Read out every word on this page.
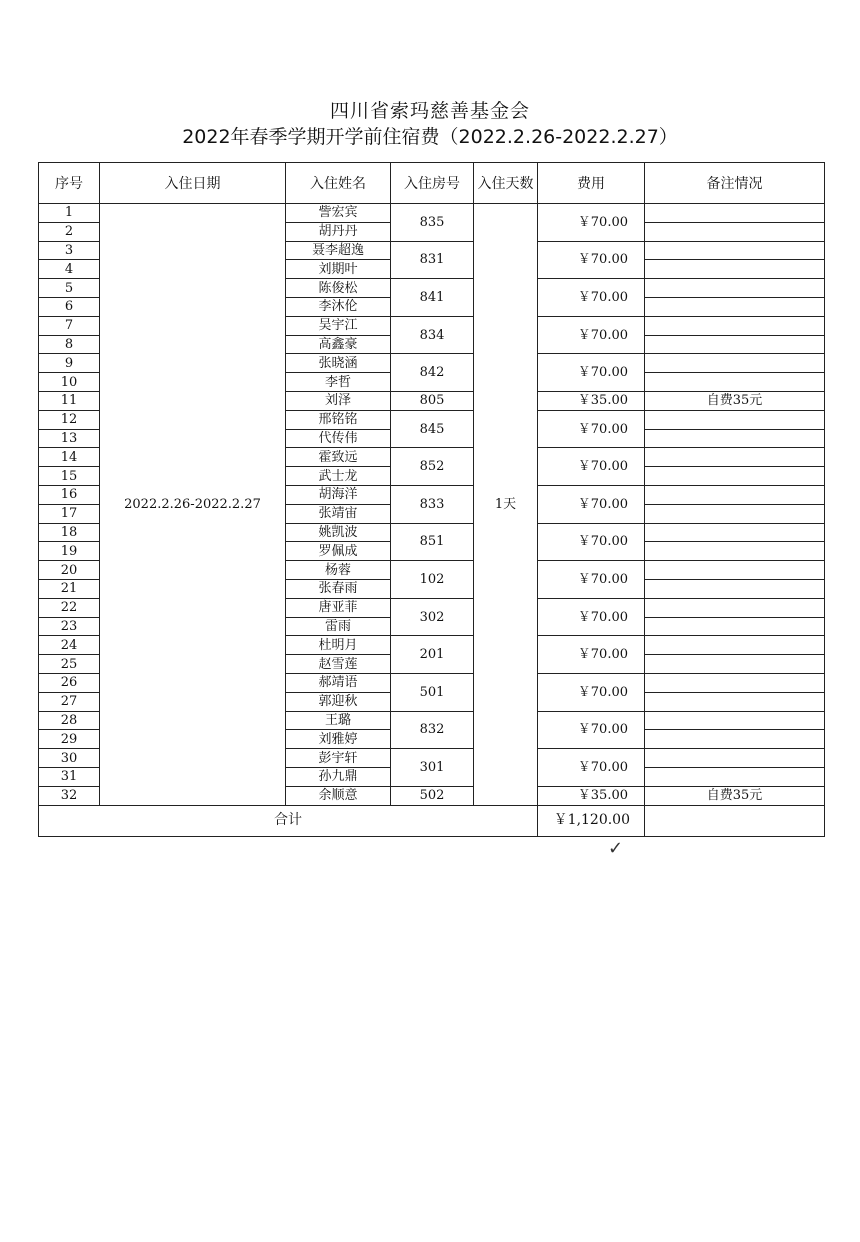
四川省索玛慈善基金会
2022年春季学期开学前住宿费（2022.2.26-2022.2.27）
序号	入住日期	入住姓名	入住房号	入住天数	费用	备注情况
1	2022.2.26-2022.2.27	訾宏宾	835	1天	￥70.00	
2		胡丹丹				
3		聂李超逸	831		￥70.00	
4		刘期叶				
5		陈俊松	841		￥70.00	
6		李沐伦				
7		吴宇江	834		￥70.00	
8		高鑫豪				
9		张晓涵	842		￥70.00	
10		李哲				
11		刘泽	805		￥35.00	自费35元
12		邢铭铭	845		￥70.00	
13		代传伟				
14		霍致远	852		￥70.00	
15		武士龙				
16		胡海洋	833		￥70.00	
17		张靖宙				
18		姚凯波	851		￥70.00	
19		罗佩成				
20		杨蓉	102		￥70.00	
21		张春雨				
22		唐亚菲	302		￥70.00	
23		雷雨				
24		杜明月	201		￥70.00	
25		赵雪莲				
26		郝靖语	501		￥70.00	
27		郭迎秋				
28		王璐	832		￥70.00	
29		刘雅婷				
30		彭宇轩	301		￥70.00	
31		孙九鼎				
32		余顺意	502		￥35.00	自费35元
合计					￥1,120.00	
✓
